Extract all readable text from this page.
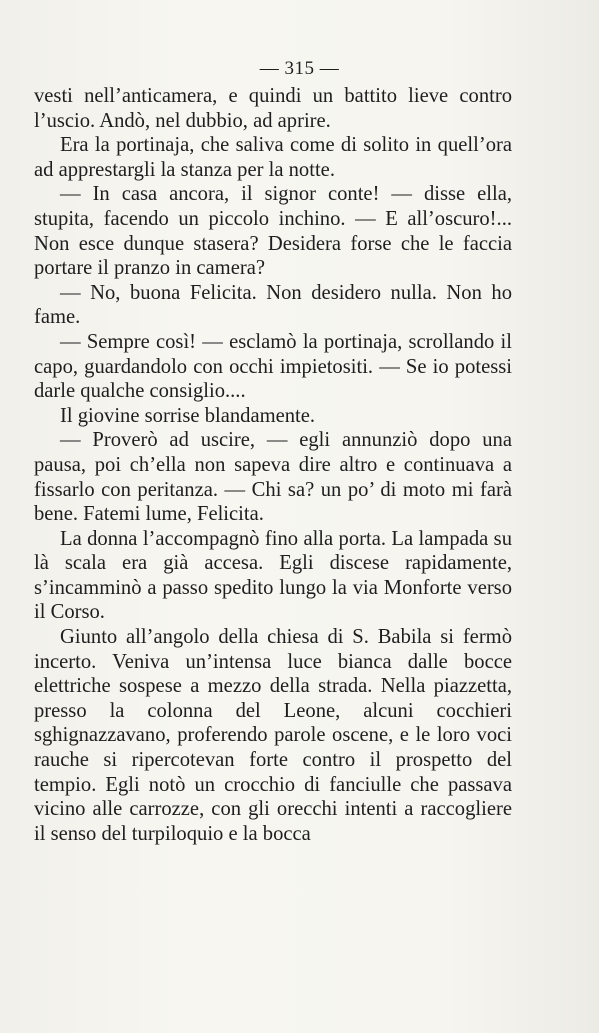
— 315 —

vesti nell’anticamera, e quindi un battito lieve contro l’uscio. Andò, nel dubbio, ad aprire.

Era la portinaja, che saliva come di solito in quell’ora ad apprestargli la stanza per la notte.

— In casa ancora, il signor conte! — disse ella, stupita, facendo un piccolo inchino. — E all’oscuro!... Non esce dunque stasera? Desidera forse che le faccia portare il pranzo in camera?

— No, buona Felicita. Non desidero nulla. Non ho fame.

— Sempre così! — esclamò la portinaja, scrollando il capo, guardandolo con occhi impietositi. — Se io potessi darle qualche consiglio....

Il giovine sorrise blandamente.

— Proverò ad uscire, — egli annunziò dopo una pausa, poi ch’ella non sapeva dire altro e continuava a fissarlo con peritanza. — Chi sa? un po’ di moto mi farà bene. Fatemi lume, Felicita.

La donna l’accompagnò fino alla porta. La lampada su là scala era già accesa. Egli discese rapidamente, s’incamminò a passo spedito lungo la via Monforte verso il Corso.

Giunto all’angolo della chiesa di S. Babila si fermò incerto. Veniva un’intensa luce bianca dalle bocce elettriche sospese a mezzo della strada. Nella piazzetta, presso la colonna del Leone, alcuni cocchieri sghignazzavano, proferendo parole oscene, e le loro voci rauche si ripercotevan forte contro il prospetto del tempio. Egli notò un crocchio di fanciulle che passava vicino alle carrozze, con gli orecchi intenti a raccogliere il senso del turpiloquio e la bocca
